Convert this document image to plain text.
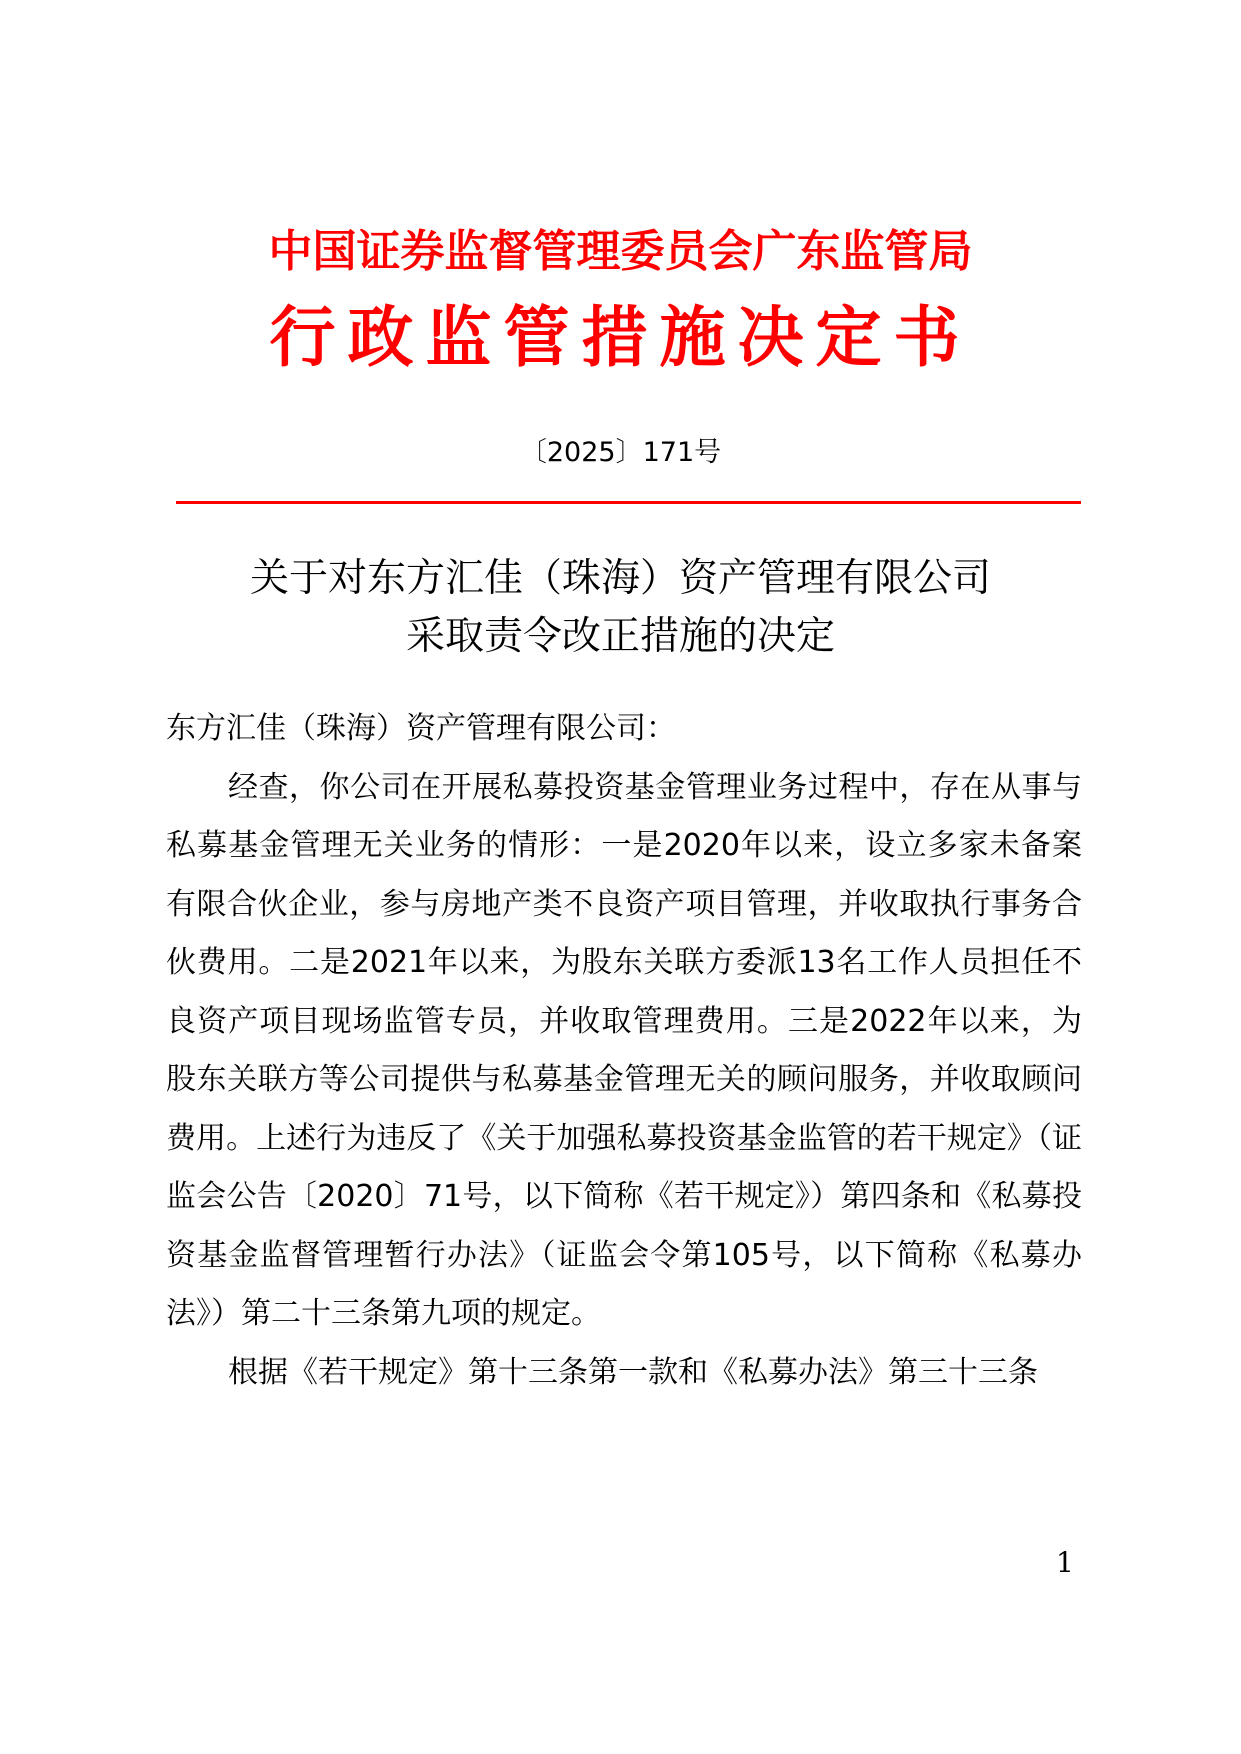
中国证券监督管理委员会广东监管局
行政监管措施决定书
〔2025〕171号
关于对东方汇佳（珠海）资产管理有限公司
采取责令改正措施的决定

东方汇佳（珠海）资产管理有限公司：

经查，你公司在开展私募投资基金管理业务过程中，存在从事与私募基金管理无关业务的情形：一是2020年以来，设立多家未备案有限合伙企业，参与房地产类不良资产项目管理，并收取执行事务合伙费用。二是2021年以来，为股东关联方委派13名工作人员担任不良资产项目现场监管专员，并收取管理费用。三是2022年以来，为股东关联方等公司提供与私募基金管理无关的顾问服务，并收取顾问费用。上述行为违反了《关于加强私募投资基金监管的若干规定》（证监会公告〔2020〕71号，以下简称《若干规定》）第四条和《私募投资基金监督管理暂行办法》（证监会令第105号，以下简称《私募办法》）第二十三条第九项的规定。

根据《若干规定》第十三条第一款和《私募办法》第三十三条

1
